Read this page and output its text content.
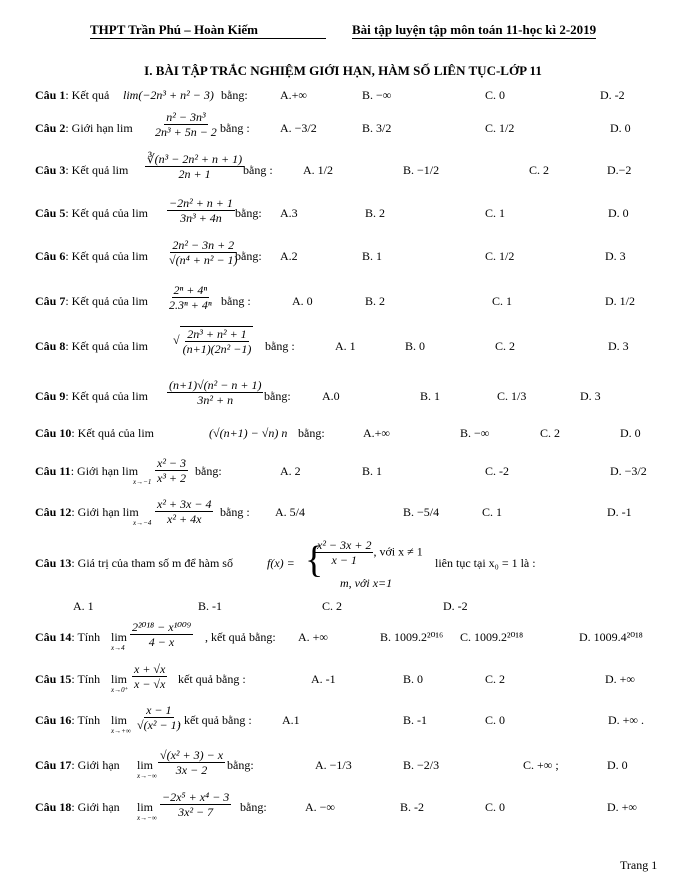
THPT Trần Phú – Hoàn Kiếm	Bài tập luyện tập môn toán 11-học kì 2-2019
I. BÀI TẬP TRẮC NGHIỆM GIỚI HẠN, HÀM SỐ LIÊN TỤC-LỚP 11
Câu 1: Kết quả lim(−2n³ + n² − 3) bằng:	A.+∞	B. −∞	C. 0	D. -2
Câu 2: Giới hạn $\lim \frac{\text{n² − 3n³}}{\text{2n³ + 5n − 2}}$ bằng :	A. −3/2	B. 3/2	C. 1/2	D. 0
Câu 3: Kết quả $\lim \frac{\text{∛(n³ − 2n² + n + 1)}}{2n + 1}$
bằng :	A. 1/2	B. −1/2	C. 2	D.−2
Câu 5: Kết quả của $\lim \frac{\text{−2n² + n + 1}}{\text{3n³ + 4n}}$ bằng: A.3	B. 2	C. 1	D. 0
Câu 6: Kết quả của $\lim \frac{\text{2n² − 3n + 2}}{\text{√(n⁴ + n² − 1)}}$
bằng: A.2	B. 1	C. 1/2	D. 3
Câu 7: Kết quả của $\lim \frac{\text{2ⁿ + 4ⁿ}}{\text{2.3ⁿ + 4ⁿ}}$ bằng :	A. 0	B. 2	C. 1	D. 1/2
Câu 8: Kết quả của lim √ $\frac{\text{2n³ + n² + 1}}{\text{(n+1)(2n² −1)}}$ bằng :	A. 1	B. 0	C. 2	D. 3
Câu 9: Kết quả của $\lim \frac{\text{(n+1)√(n² − n + 1)}}{\text{3n² + n}}$ bằng:	A.0	B. 1	C. 1/3	D. 3
Câu 10: Kết quả của lim	(√(n+1) − √n) n bằng:	A.+∞	B. −∞	C. 2	D. 0
Câu 11: Giới hạn lim
$x\to-1 \frac{\text{x² − 3}}{\text{x³ + 2}}$ bằng:	A. 2	B. 1	C. -2	D. −3/2
Câu 12: Giới hạn lim
$x\to-4 \frac{\text{x² + 3x − 4}}{\text{x² + 4x}}$ bằng : A. 5/4	B. −5/4	C. 1	D. -1
Câu 13: Giá trị của tham số m để hàm số	f(x) = {
$\frac{\text{x² − 3x + 2}}{x - 1}$ , với x ≠ 1
m, với x=1
liên tục tại x₀ = 1 là :
A. 1	B. -1	C. 2	D. -2
Câu 14: Tính lim
$x\to 4 \frac{\text{2²⁰¹⁸ − x¹⁰⁰⁹}}{4 - x}$ , kết quả bằng: A. +∞	B. 1009.2²⁰¹⁶ C. 1009.2²⁰¹⁸	D. 1009.4²⁰¹⁸
Câu 15: Tính lim
$x\to 0^+ \frac{x + √x}{x - √x}$ kết quả bằng :	A. -1	B. 0	C. 2	D. +∞
Câu 16: Tính lim
$x\to+\infty \frac{x - 1}{\text{√(x² − 1)}}$
, kết quả bằng :	A.1	B. -1	C. 0	D. +∞ .
Câu 17: Giới hạn lim
$x\to-\infty \frac{\text{√(x² + 3) − x}}{3x - 2}$ bằng:	A. −1/3	B. −2/3	C. +∞ ;	D. 0
Câu 18: Giới hạn lim
$x\to-\infty \frac{\text{−2x⁵ + x⁴ − 3}}{\text{3x² − 7}}$ bằng:	A. −∞	B. -2	C. 0	D. +∞
Trang 1
